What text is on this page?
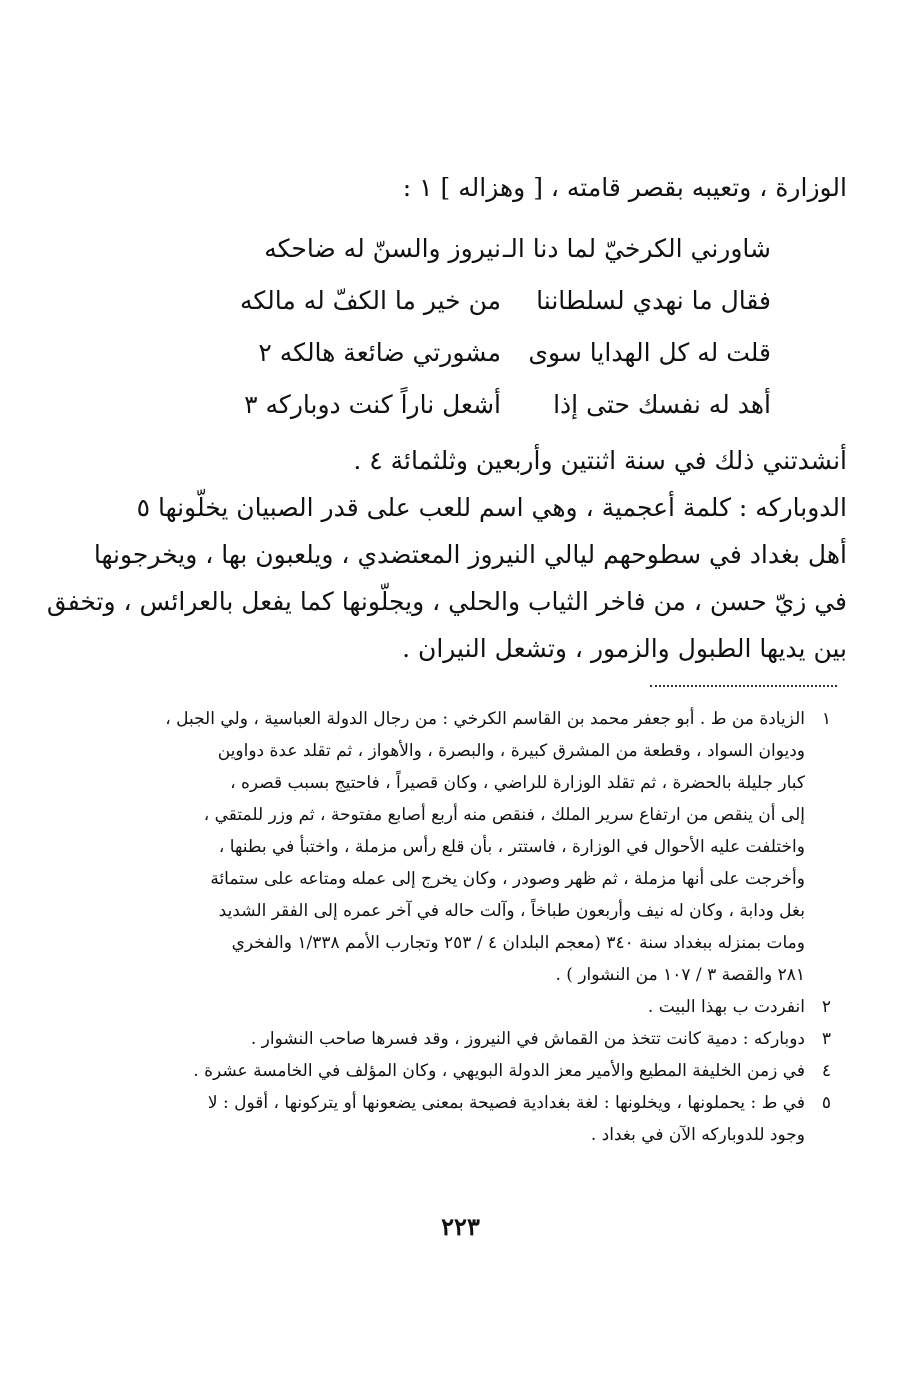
الوزارة ، وتعيبه بقصر قامته ، [ وهزاله ] ١ :
شاورني الكرخيّ لما دنا الـ
نيروز والسنّ له ضاحكه
فقال ما نهدي لسلطاننا
من خير ما الكفّ له مالكه
قلت له كل الهدايا سوى
مشورتي ضائعة هالكه ٢
أهد له نفسك حتى إذا
أشعل ناراً كنت دوباركه ٣

أنشدتني ذلك في سنة اثنتين وأربعين وثلثمائة ٤ .

الدوباركه : كلمة أعجمية ، وهي اسم للعب على قدر الصبيان يخلّونها ٥

أهل بغداد في سطوحهم ليالي النيروز المعتضدي ، ويلعبون بها ، ويخرجونها

في زيّ حسن ، من فاخر الثياب والحلي ، ويجلّونها كما يفعل بالعرائس ، وتخفق

بين يديها الطبول والزمور ، وتشعل النيران .

١
الزيادة من ط . أبو جعفر محمد بن القاسم الكرخي : من رجال الدولة العباسية ، ولي الجبل ،
وديوان السواد ، وقطعة من المشرق كبيرة ، والبصرة ، والأهواز ، ثم تقلد عدة دواوين
كبار جليلة بالحضرة ، ثم تقلد الوزارة للراضي ، وكان قصيراً ، فاحتيج بسبب قصره ،
إلى أن ينقص من ارتفاع سرير الملك ، فنقص منه أربع أصابع مفتوحة ، ثم وزر للمتقي ،
واختلفت عليه الأحوال في الوزارة ، فاستتر ، بأن قلع رأس مزملة ، واختبأ في بطنها ،
وأخرجت على أنها مزملة ، ثم ظهر وصودر ، وكان يخرج إلى عمله ومتاعه على ستمائة
بغل ودابة ، وكان له نيف وأربعون طباخاً ، وآلت حاله في آخر عمره إلى الفقر الشديد
ومات بمنزله ببغداد سنة ٣٤٠ (معجم البلدان ٤ / ٢٥٣ وتجارب الأمم ١/٣٣٨ والفخري
٢٨١ والقصة ٣ / ١٠٧ من النشوار ) .
٢
انفردت ب بهذا البيت .
٣
دوباركه : دمية كانت تتخذ من القماش في النيروز ، وقد فسرها صاحب النشوار .
٤
في زمن الخليفة المطيع والأمير معز الدولة البويهي ، وكان المؤلف في الخامسة عشرة .
٥
في ط : يحملونها ، ويخلونها : لغة بغدادية فصيحة بمعنى يضعونها أو يتركونها ، أقول : لا
وجود للدوباركه الآن في بغداد .
٢٢٣
